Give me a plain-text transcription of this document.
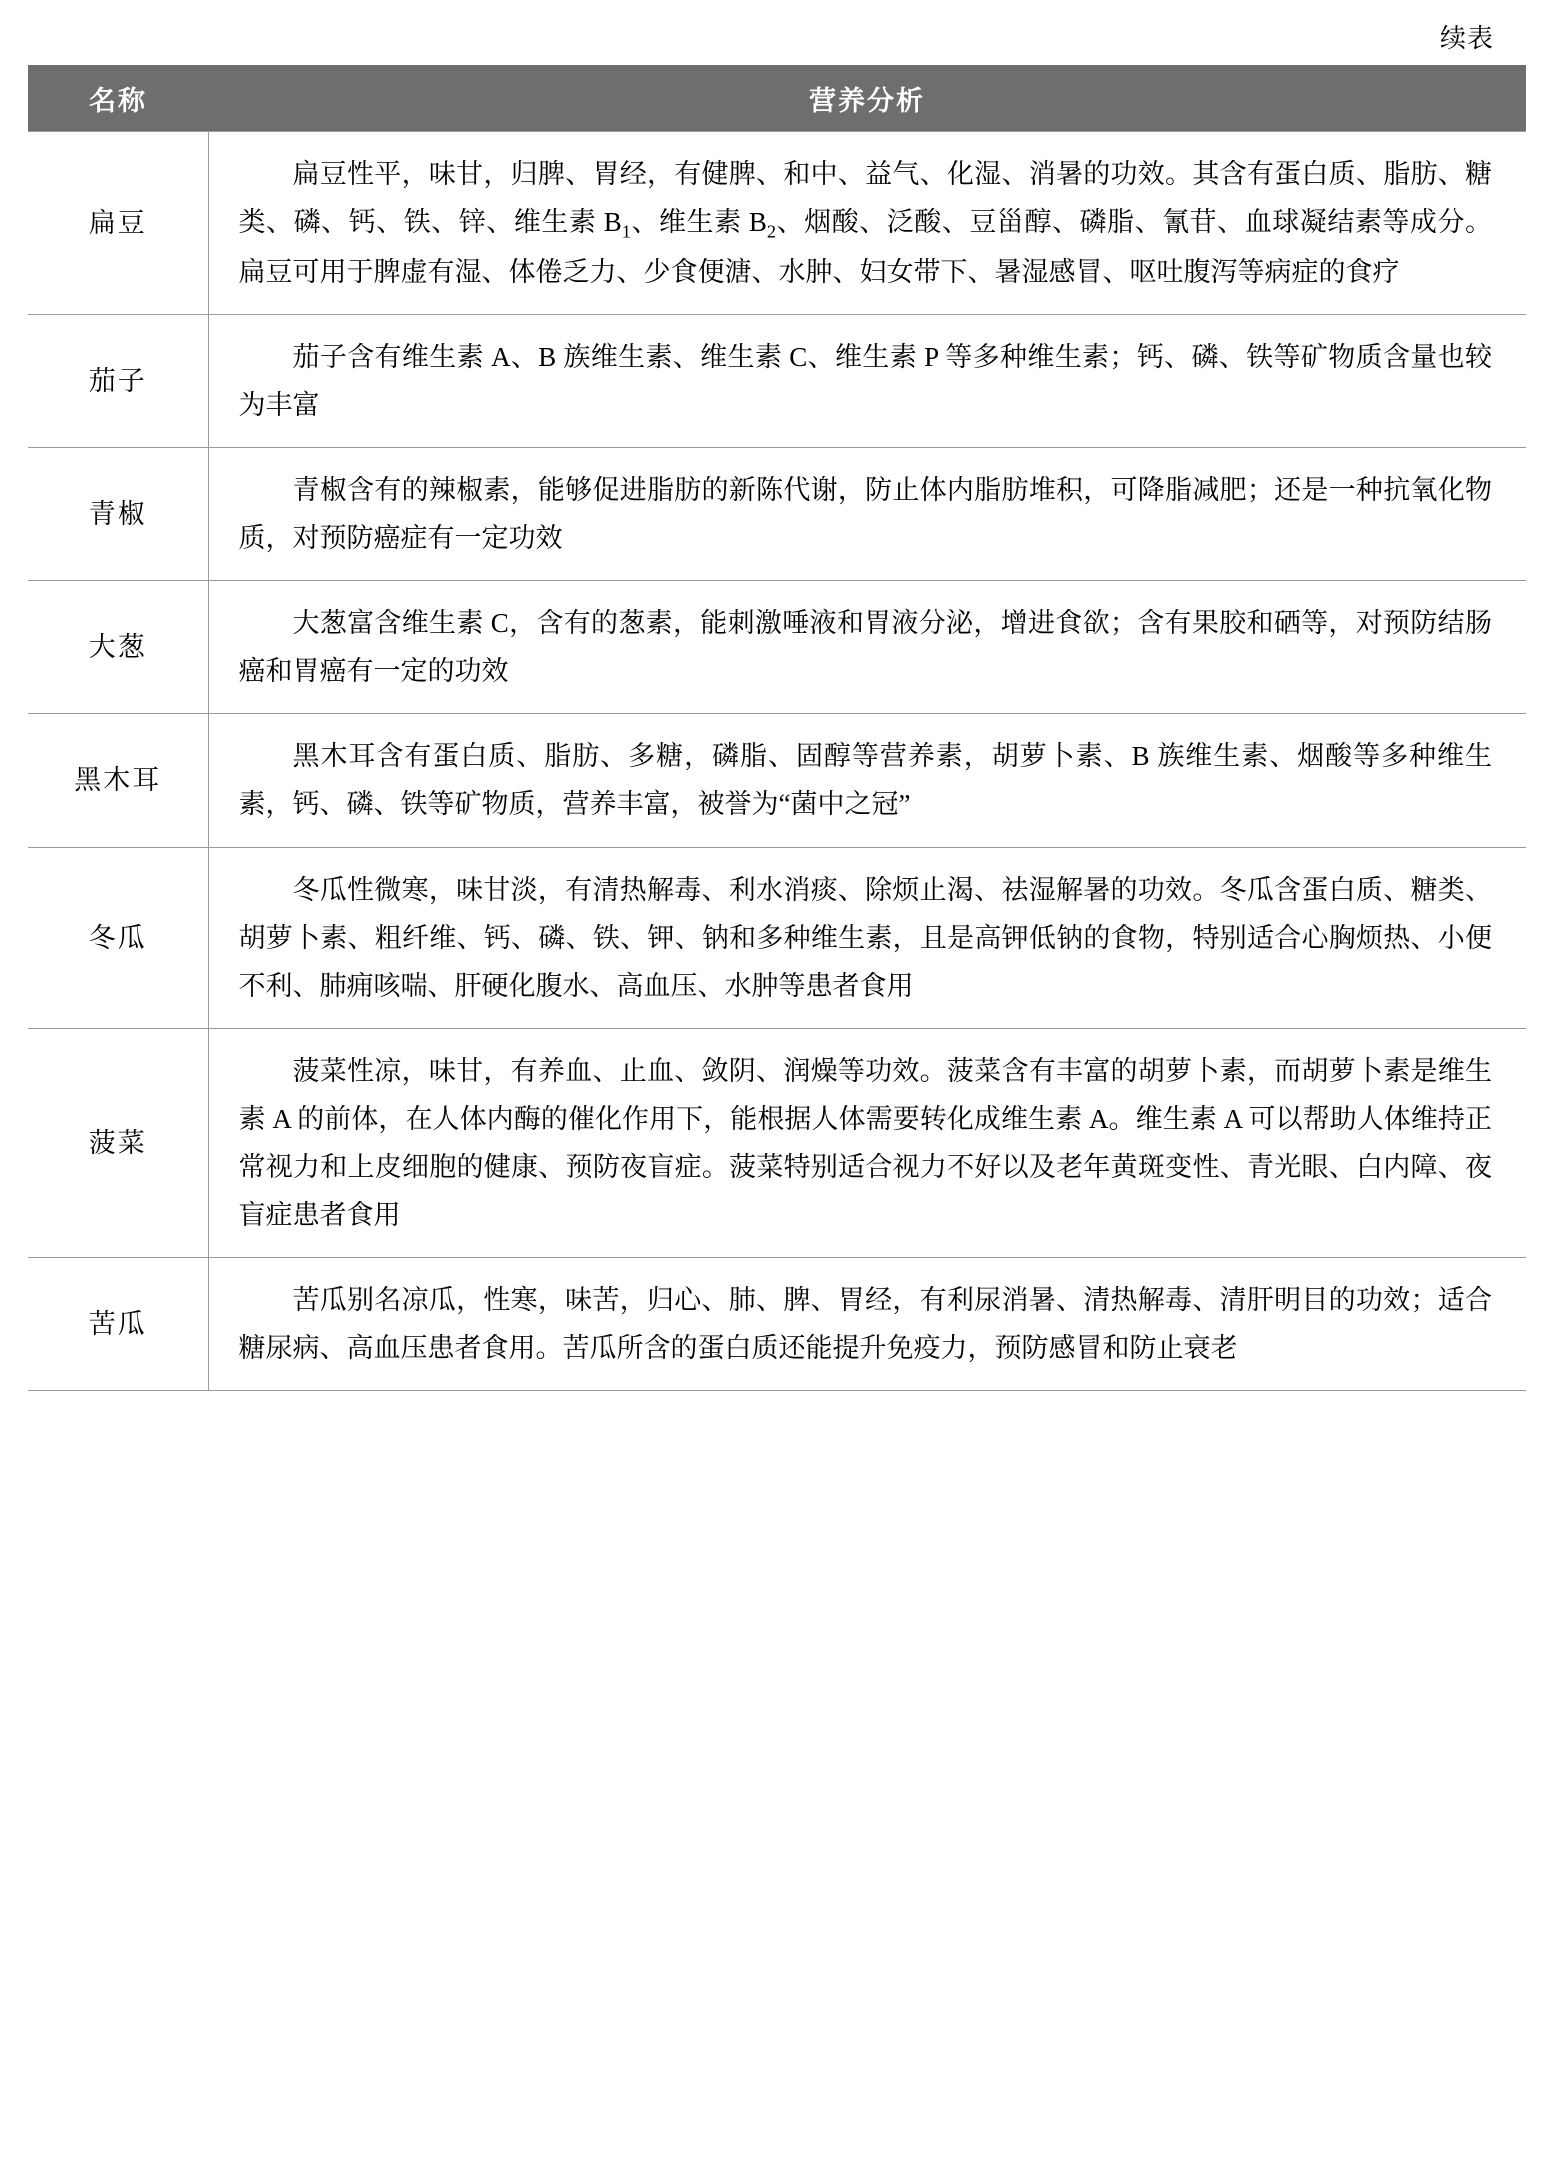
续表
名称	营养分析
扁豆	扁豆性平，味甘，归脾、胃经，有健脾、和中、益气、化湿、消暑的功效。其含有蛋白质、脂肪、糖类、磷、钙、铁、锌、维生素 $B_1$、维生素 $B_2$、烟酸、泛酸、豆甾醇、磷脂、氰苷、血球凝结素等成分。扁豆可用于脾虚有湿、体倦乏力、少食便溏、水肿、妇女带下、暑湿感冒、呕吐腹泻等病症的食疗

茄子	茄子含有维生素 A、B 族维生素、维生素 C、维生素 P 等多种维生素；钙、磷、铁等矿物质含量也较为丰富

青椒	青椒含有的辣椒素，能够促进脂肪的新陈代谢，防止体内脂肪堆积，可降脂减肥；还是一种抗氧化物质，对预防癌症有一定功效

大葱	大葱富含维生素 C，含有的葱素，能刺激唾液和胃液分泌，增进食欲；含有果胶和硒等，对预防结肠癌和胃癌有一定的功效

黑木耳	黑木耳含有蛋白质、脂肪、多糖，磷脂、固醇等营养素，胡萝卜素、B 族维生素、烟酸等多种维生素，钙、磷、铁等矿物质，营养丰富，被誉为“菌中之冠”

冬瓜	冬瓜性微寒，味甘淡，有清热解毒、利水消痰、除烦止渴、祛湿解暑的功效。冬瓜含蛋白质、糖类、胡萝卜素、粗纤维、钙、磷、铁、钾、钠和多种维生素，且是高钾低钠的食物，特别适合心胸烦热、小便不利、肺痈咳喘、肝硬化腹水、高血压、水肿等患者食用

菠菜	菠菜性凉，味甘，有养血、止血、敛阴、润燥等功效。菠菜含有丰富的胡萝卜素，而胡萝卜素是维生素 A 的前体，在人体内酶的催化作用下，能根据人体需要转化成维生素 A。维生素 A 可以帮助人体维持正常视力和上皮细胞的健康、预防夜盲症。菠菜特别适合视力不好以及老年黄斑变性、青光眼、白内障、夜盲症患者食用

苦瓜	苦瓜别名凉瓜，性寒，味苦，归心、肺、脾、胃经，有利尿消暑、清热解毒、清肝明目的功效；适合糖尿病、高血压患者食用。苦瓜所含的蛋白质还能提升免疫力，预防感冒和防止衰老
